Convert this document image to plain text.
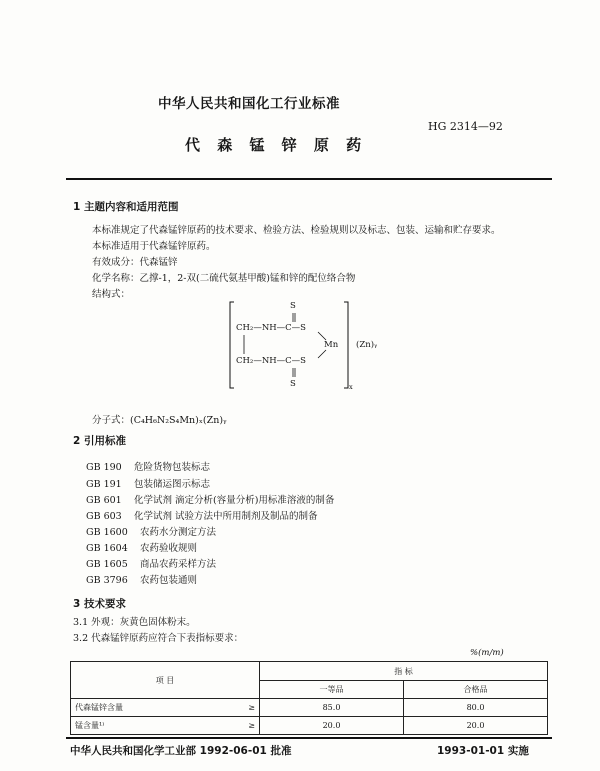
中华人民共和国化工行业标准
HG 2314—92
代 森 锰 锌 原 药
1 主题内容和适用范围
本标准规定了代森锰锌原药的技术要求、检验方法、检验规则以及标志、包装、运输和贮存要求。
本标准适用于代森锰锌原药。
有效成分：代森锰锌
化学名称：乙撑-1，2-双(二硫代氨基甲酸)锰和锌的配位络合物
结构式：
S
CH₂—NH—C—S
Mn
CH₂—NH—C—S
S	x
(Zn)ᵧ
分子式：(C₄H₆N₂S₄Mn)ₓ(Zn)ᵧ
2 引用标准
GB 190 危险货物包装标志
GB 191 包装储运图示标志
GB 601 化学试剂 滴定分析(容量分析)用标准溶液的制备
GB 603 化学试剂 试验方法中所用制剂及制品的制备
GB 1600 农药水分测定方法
GB 1604 农药验收规则
GB 1605 商品农药采样方法
GB 3796 农药包装通则
3 技术要求
3.1 外观：灰黄色固体粉末。
3.2 代森锰锌原药应符合下表指标要求：
%(m/m)
项 目		指 标	
		一等品	合格品
代森锰锌含量	≥	85.0	80.0
锰含量¹⁾	≥	20.0	20.0
中华人民共和国化学工业部 1992-06-01 批准	1993-01-01 实施
